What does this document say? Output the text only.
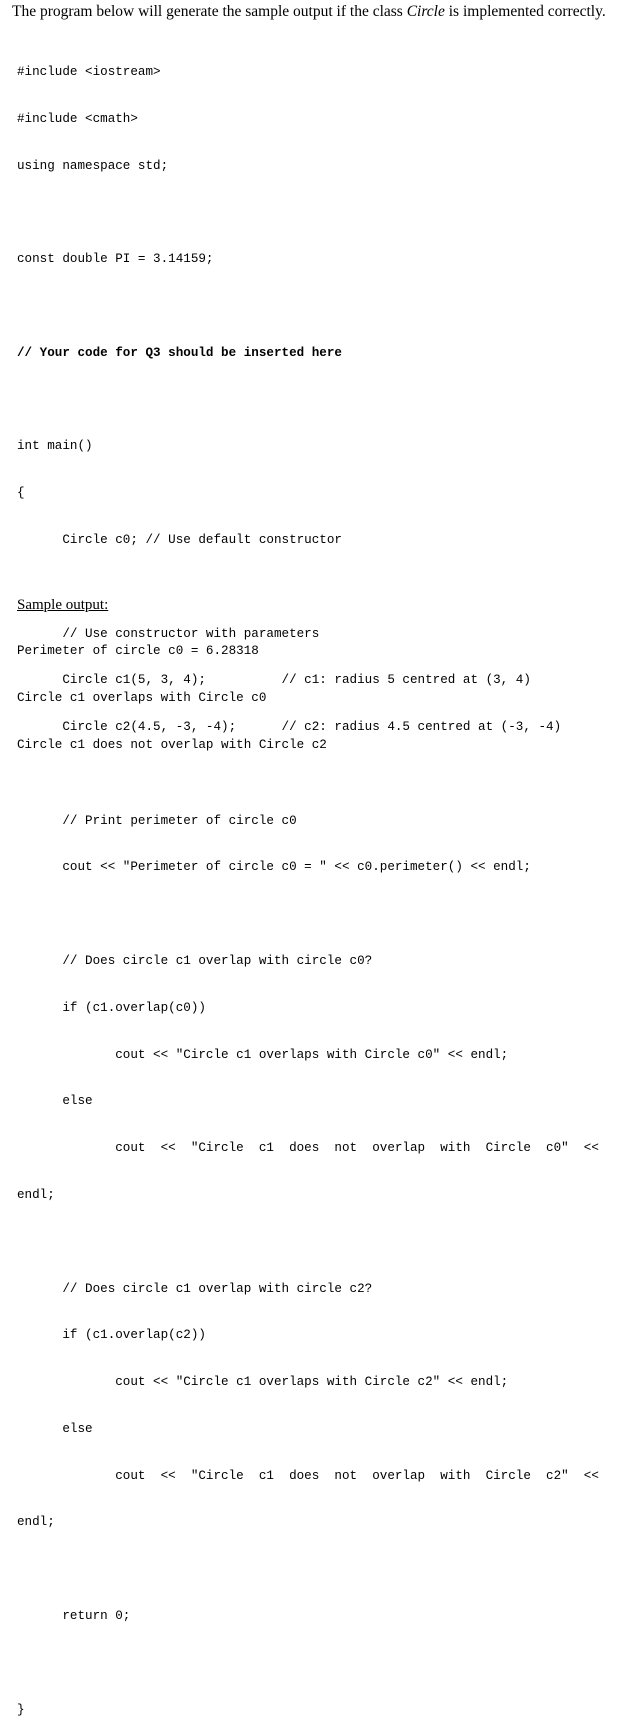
The program below will generate the sample output if the class Circle is implemented correctly.

#include <iostream>

#include <cmath>

using namespace std;

const double PI = 3.14159;

// Your code for Q3 should be inserted here

int main()

{

Circle c0; // Use default constructor

// Use constructor with parameters

Circle c1(5, 3, 4);          // c1: radius 5 centred at (3, 4)

Circle c2(4.5, -3, -4);      // c2: radius 4.5 centred at (-3, -4)

// Print perimeter of circle c0

cout << "Perimeter of circle c0 = " << c0.perimeter() << endl;

// Does circle c1 overlap with circle c0?

if (c1.overlap(c0))

cout << "Circle c1 overlaps with Circle c0" << endl;

else

cout  <<  "Circle  c1  does  not  overlap  with  Circle  c0"  <<

endl;

// Does circle c1 overlap with circle c2?

if (c1.overlap(c2))

cout << "Circle c1 overlaps with Circle c2" << endl;

else

cout  <<  "Circle  c1  does  not  overlap  with  Circle  c2"  <<

endl;

return 0;

}

Sample output:

Perimeter of circle c0 = 6.28318

Circle c1 overlaps with Circle c0

Circle c1 does not overlap with Circle c2
